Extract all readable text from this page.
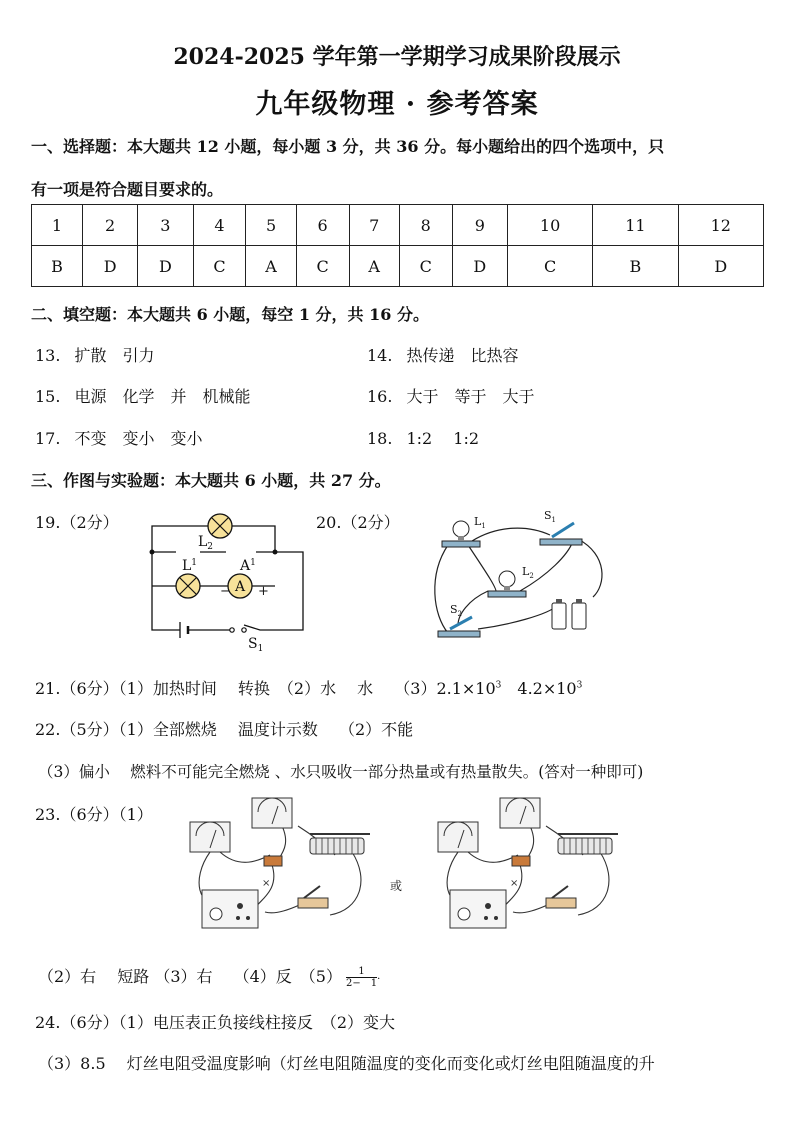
2024-2025 学年第一学期学习成果阶段展示
九年级物理 · 参考答案
一、选择题：本大题共 12 小题，每小题 3 分，共 36 分。每小题给出的四个选项中，只
有一项是符合题目要求的。
1	2	3	4	5	6	7	8	9	10	11	12
B	D	D	C	A	C	A	C	D	C	B	D
二、填空题：本大题共 6 小题，每空 1 分，共 16 分。
13. 扩散　引力	14. 热传递　比热容
15. 电源　化学　并　机械能	16. 大于　等于　大于
17. 不变　变小　变小	18. 1:2　 1:2
三、作图与实验题：本大题共 6 小题，共 27 分。
19.（2分）
A
$L_2$
$L^1$	$A^1$
− +
$S_1$
20.（2分）	$L_1$
$L_2$
$S_1$
$S_2$
21.（6分）（1）加热时间　 转换　（2）水　 水　 $(3)2.1\times 10^3$　$4.2\times 10^3$
22.（5分）（1）全部燃烧　 温度计示数　 （2）不能
（3）偏小　 燃料不可能完全燃烧 、水只吸收一部分热量或有热量散失。(答对一种即可)
23.（6分）（1）
×	或	×
（2）右　 短路 （3）右　 （4）反　$(5) \frac{1}{2- 1}$ ·
24.（6分）（1）电压表正负接线柱接反　（2）变大
（3）8.5　 灯丝电阻受温度影响（灯丝电阻随温度的变化而变化或灯丝电阻随温度的升
